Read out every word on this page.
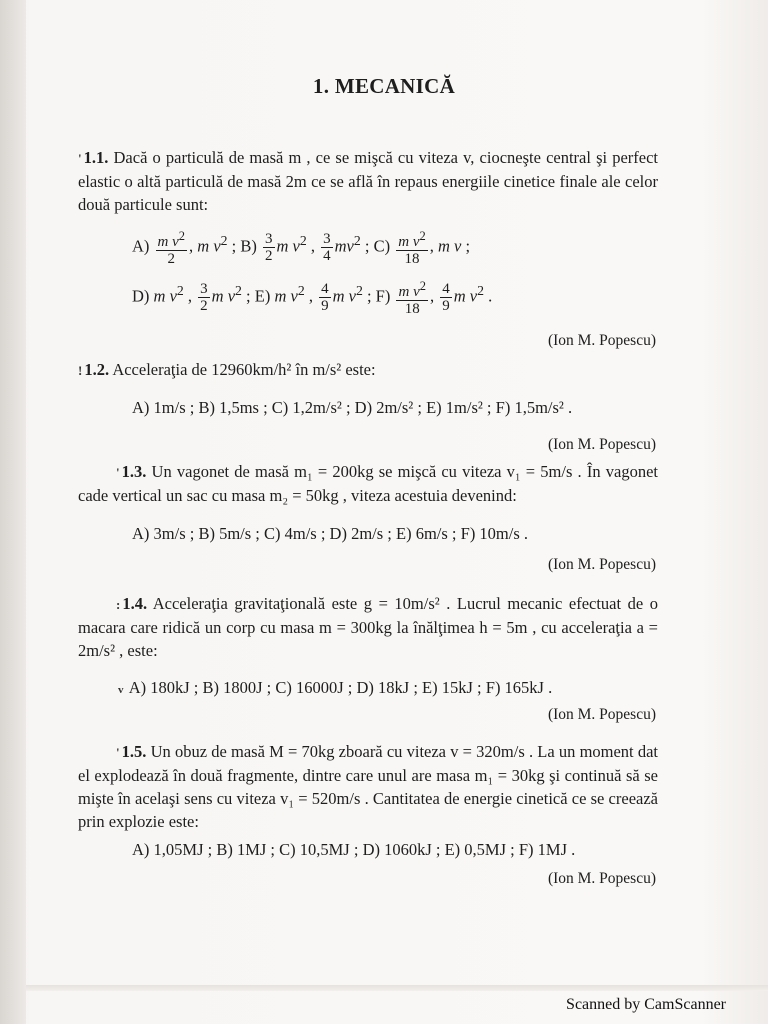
1. MECANICĂ
' 1.1. Dacă o particulă de masă m , ce se mişcă cu viteza v, ciocneşte central şi perfect elastic o altă particulă de masă 2m ce se află în repaus energiile cinetice finale ale celor două particule sunt:
$A) \frac{m v^2}{2}$ , m $v^2$ ; $B) \frac{3}{2}$ m $v^2$ , $\frac{3}{4} mv^2$ ; $C) \frac{m v^2}{18}$ , m v ;
D) m $v^2$ , $\frac{3}{2}$ m $v^2$ ; E) m $v^2$ , $\frac{4}{9}$ m $v^2$ ; $F) \frac{m v^2}{18}$ , $\frac{4}{9}$ m $v^2$ .
(Ion M. Popescu)
! 1.2. Acceleraţia de 12960km/h² în m/s² este:
A) 1m/s ; B) 1,5ms ; C) 1,2m/s² ; D) 2m/s² ; E) 1m/s² ; F) 1,5m/s² .
(Ion M. Popescu)
' 1.3. Un vagonet de masă m₁ = 200kg se mişcă cu viteza v₁ = 5m/s . În vagonet cade vertical un sac cu masa m₂ = 50kg , viteza acestuia devenind:
A) 3m/s ; B) 5m/s ; C) 4m/s ; D) 2m/s ; E) 6m/s ; F) 10m/s .
(Ion M. Popescu)
: 1.4. Acceleraţia gravitaţională este g = 10m/s² . Lucrul mecanic efectuat de o macara care ridică un corp cu masa m = 300kg la înălţimea h = 5m , cu acceleraţia a = 2m/s² , este:
v A) 180kJ ; B) 1800J ; C) 16000J ; D) 18kJ ; E) 15kJ ; F) 165kJ .
(Ion M. Popescu)
' 1.5. Un obuz de masă M = 70kg zboară cu viteza v = 320m/s . La un moment dat el explodează în două fragmente, dintre care unul are masa m₁ = 30kg şi continuă să se mişte în acelaşi sens cu viteza v₁ = 520m/s . Cantitatea de energie cinetică ce se creează prin explozie este:
A) 1,05MJ ; B) 1MJ ; C) 10,5MJ ; D) 1060kJ ; E) 0,5MJ ; F) 1MJ .
(Ion M. Popescu)
Scanned by CamScanner
